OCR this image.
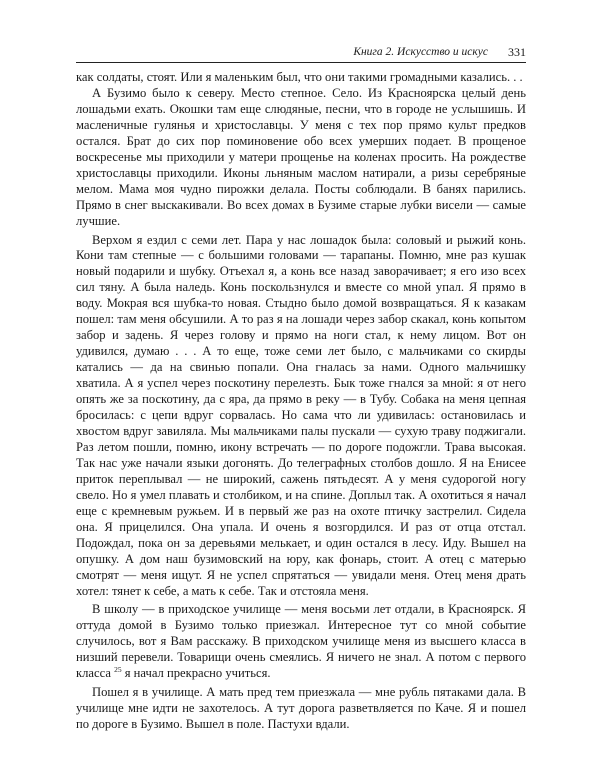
Книга 2. Искусство и искус 331

как солдаты, стоят. Или я маленьким был, что они такими громадными казались. . .

А Бузимо было к северу. Место степное. Село. Из Красноярска целый день лошадьми ехать. Окошки там еще слюдяные, песни, что в городе не услышишь. И масленичные гулянья и христославцы. У меня с тех пор прямо культ предков остался. Брат до сих пор поминовение обо всех умерших подает. В прощеное воскресенье мы приходили у матери прощенье на коленах просить. На рождестве христославцы приходили. Иконы льняным маслом натирали, а ризы серебряные мелом. Мама моя чудно пирожки делала. Посты соблюдали. В банях парились. Прямо в снег выскакивали. Во всех домах в Бузиме старые лубки висели — самые лучшие.

Верхом я ездил с семи лет. Пара у нас лошадок была: соловый и рыжий конь. Кони там степные — с большими головами — тарапаны. Помню, мне раз кушак новый подарили и шубку. Отъехал я, а конь все назад заворачивает; я его изо всех сил тяну. А была наледь. Конь поскользнулся и вместе со мной упал. Я прямо в воду. Мокрая вся шубка-то новая. Стыдно было домой возвращаться. Я к казакам пошел: там меня обсушили. А то раз я на лошади через забор скакал, конь копытом забор и задень. Я через голову и прямо на ноги стал, к нему лицом. Вот он удивился, думаю . . . А то еще, тоже семи лет было, с мальчиками со скирды катались — да на свинью попали. Она гналась за нами. Одного мальчишку хватила. А я успел через поскотину перелезть. Бык тоже гнался за мной: я от него опять же за поскотину, да с яра, да прямо в реку — в Тубу. Собака на меня цепная бросилась: с цепи вдруг сорвалась. Но сама что ли удивилась: остановилась и хвостом вдруг завиляла. Мы мальчиками палы пускали — сухую траву поджигали. Раз летом пошли, помню, икону встречать — по дороге подожгли. Трава высокая. Так нас уже начали языки догонять. До телеграфных столбов дошло. Я на Енисее приток переплывал — не широкий, сажень пятьдесят. А у меня судорогой ногу свело. Но я умел плавать и столбиком, и на спине. Доплыл так. А охотиться я начал еще с кремневым ружьем. И в первый же раз на охоте птичку застрелил. Сидела она. Я прицелился. Она упала. И очень я возгордился. И раз от отца отстал. Подождал, пока он за деревьями мелькает, и один остался в лесу. Иду. Вышел на опушку. А дом наш бузимовский на юру, как фонарь, стоит. А отец с матерью смотрят — меня ищут. Я не успел спрятаться — увидали меня. Отец меня драть хотел: тянет к себе, а мать к себе. Так и отстояла меня.

В школу — в приходское училище — меня восьми лет отдали, в Красноярск. Я оттуда домой в Бузимо только приезжал. Интересное тут со мной событие случилось, вот я Вам расскажу. В приходском училище меня из высшего класса в низший перевели. Товарищи очень смеялись. Я ничего не знал. А потом с первого класса $^{25}$ я начал прекрасно учиться.

Пошел я в училище. А мать пред тем приезжала — мне рубль пятаками дала. В училище мне идти не захотелось. А тут дорога разветвляется по Каче. Я и пошел по дороге в Бузимо. Вышел в поле. Пастухи вдали.
